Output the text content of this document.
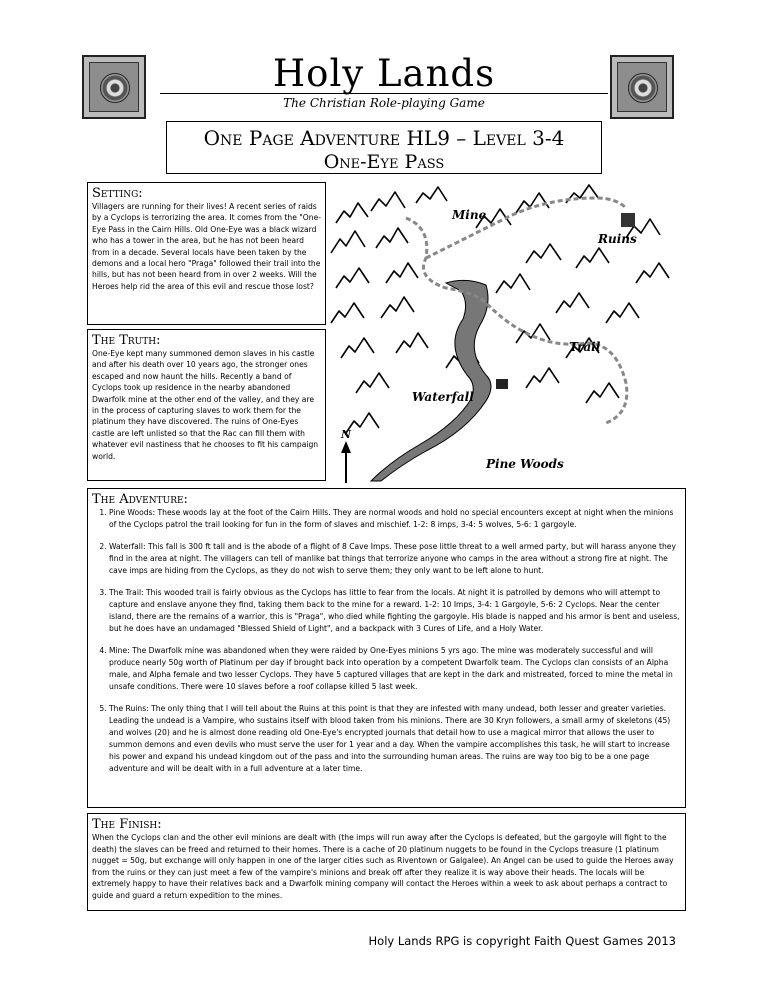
Holy Lands
The Christian Role-playing Game
One Page Adventure HL9 – Level 3-4
One-Eye Pass
Setting:

Villagers are running for their lives! A recent series of raids by a Cyclops is terrorizing the area. It comes from the "One-Eye Pass in the Cairn Hills. Old One-Eye was a black wizard who has a tower in the area, but he has not been heard from in a decade. Several locals have been taken by the demons and a local hero "Praga" followed their trail into the hills, but has not been heard from in over 2 weeks. Will the Heroes help rid the area of this evil and rescue those lost?

The Truth:

One-Eye kept many summoned demon slaves in his castle and after his death over 10 years ago, the stronger ones escaped and now haunt the hills. Recently a band of Cyclops took up residence in the nearby abandoned Dwarfolk mine at the other end of the valley, and they are in the process of capturing slaves to work them for the platinum they have discovered. The ruins of One-Eyes castle are left unlisted so that the Rac can fill them with whatever evil nastiness that he chooses to fit his campaign world.

N
Mine
Ruins
Trail
Waterfall
Pine Woods
The Adventure:
1. Pine Woods: These woods lay at the foot of the Cairn Hills. They are normal woods and hold no special encounters except at night when the minions of the Cyclops patrol the trail looking for fun in the form of slaves and mischief. 1-2: 8 imps, 3-4: 5 wolves, 5-6: 1 gargoyle.
2. Waterfall: This fall is 300 ft tall and is the abode of a flight of 8 Cave Imps. These pose little threat to a well armed party, but will harass anyone they find in the area at night. The villagers can tell of manlike bat things that terrorize anyone who camps in the area without a strong fire at night. The cave imps are hiding from the Cyclops, as they do not wish to serve them; they only want to be left alone to hunt.
3. The Trail: This wooded trail is fairly obvious as the Cyclops has little to fear from the locals. At night it is patrolled by demons who will attempt to capture and enslave anyone they find, taking them back to the mine for a reward. 1-2: 10 Imps, 3-4: 1 Gargoyle, 5-6: 2 Cyclops. Near the center island, there are the remains of a warrior, this is "Praga", who died while fighting the gargoyle. His blade is napped and his armor is bent and useless, but he does have an undamaged "Blessed Shield of Light", and a backpack with 3 Cures of Life, and a Holy Water.
4. Mine: The Dwarfolk mine was abandoned when they were raided by One-Eyes minions 5 yrs ago. The mine was moderately successful and will produce nearly 50g worth of Platinum per day if brought back into operation by a competent Dwarfolk team. The Cyclops clan consists of an Alpha male, and Alpha female and two lesser Cyclops. They have 5 captured villages that are kept in the dark and mistreated, forced to mine the metal in unsafe conditions. There were 10 slaves before a roof collapse killed 5 last week.
5. The Ruins: The only thing that I will tell about the Ruins at this point is that they are infested with many undead, both lesser and greater varieties. Leading the undead is a Vampire, who sustains itself with blood taken from his minions. There are 30 Kryn followers, a small army of skeletons (45) and wolves (20) and he is almost done reading old One-Eye's encrypted journals that detail how to use a magical mirror that allows the user to summon demons and even devils who must serve the user for 1 year and a day. When the vampire accomplishes this task, he will start to increase his power and expand his undead kingdom out of the pass and into the surrounding human areas. The ruins are way too big to be a one page adventure and will be dealt with in a full adventure at a later time.
The Finish:

When the Cyclops clan and the other evil minions are dealt with (the imps will run away after the Cyclops is defeated, but the gargoyle will fight to the death) the slaves can be freed and returned to their homes. There is a cache of 20 platinum nuggets to be found in the Cyclops treasure (1 platinum nugget = 50g, but exchange will only happen in one of the larger cities such as Riventown or Galgalee). An Angel can be used to guide the Heroes away from the ruins or they can just meet a few of the vampire's minions and break off after they realize it is way above their heads. The locals will be extremely happy to have their relatives back and a Dwarfolk mining company will contact the Heroes within a week to ask about perhaps a contract to guide and guard a return expedition to the mines.

Holy Lands RPG is copyright Faith Quest Games 2013
